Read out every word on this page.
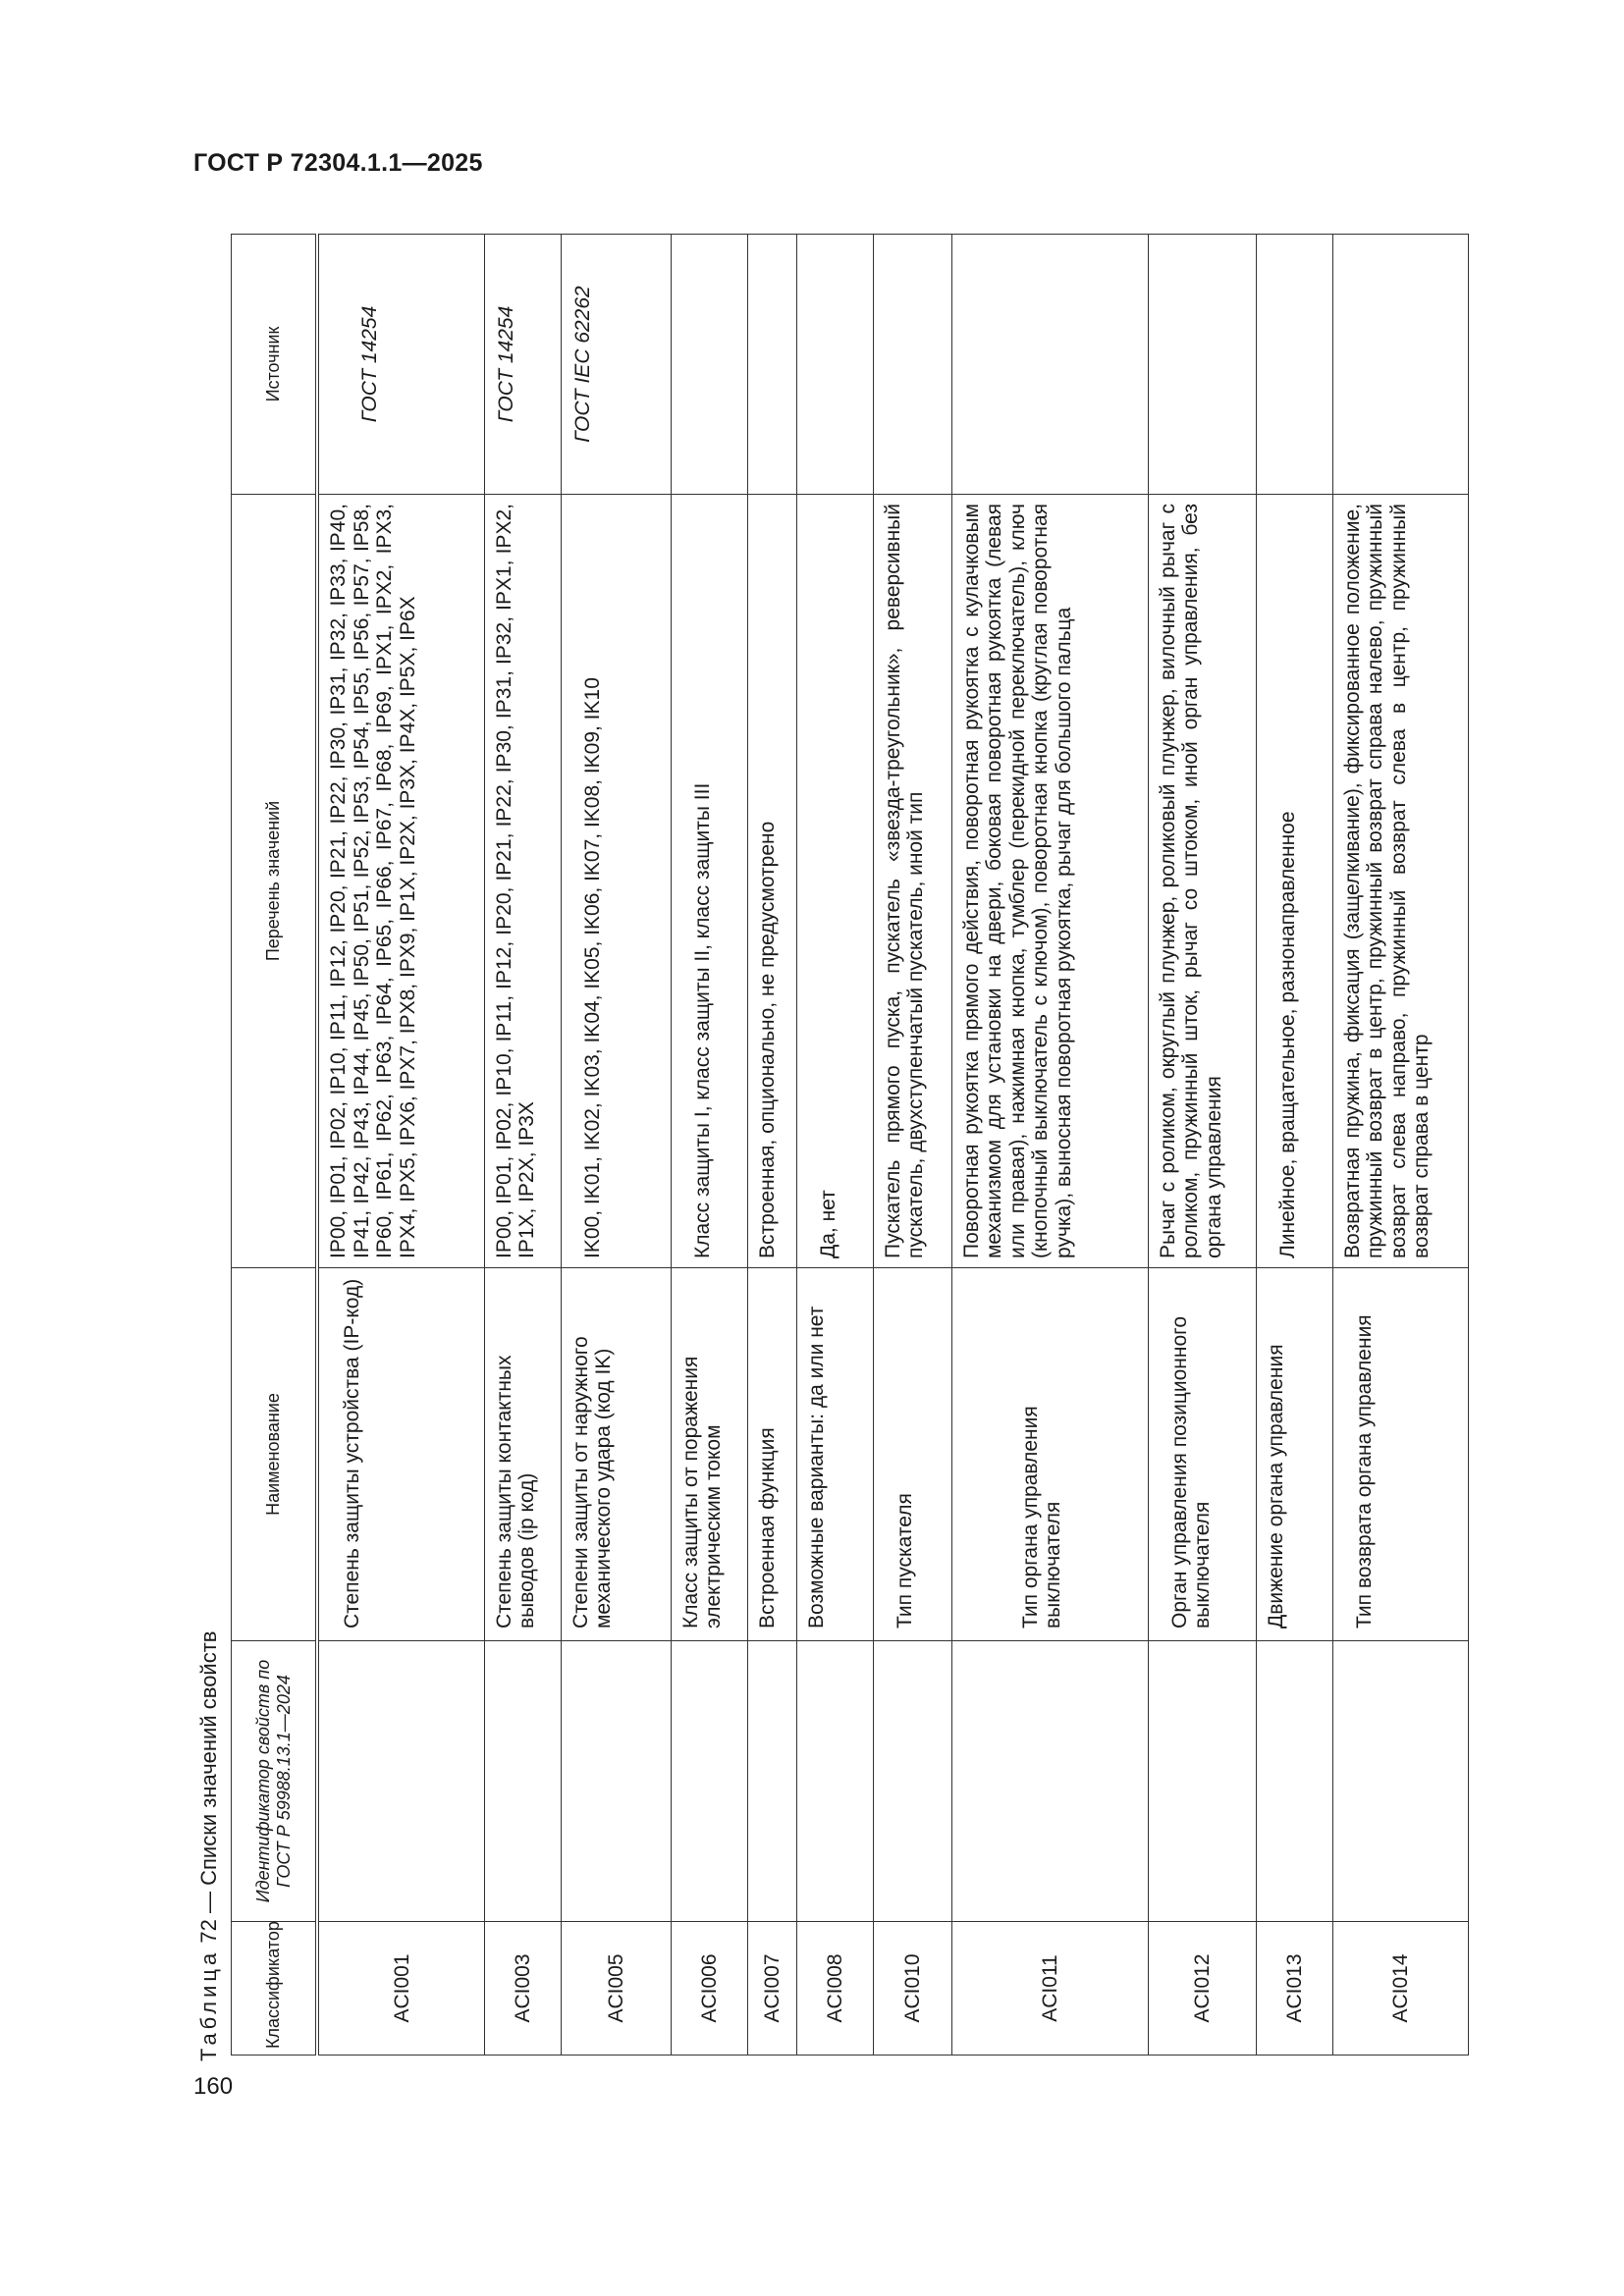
ГОСТ Р 72304.1.1—2025
160
Таблица 72 — Списки значений свойств
Классификатор	Идентификатор свойств по ГОСТ Р 59988.13.1—2024	Наименование	Перечень значений	Источник
ACI001		Степень защиты устройства (IP-код)	IP00, IP01, IP02, IP10, IP11, IP12, IP20, IP21, IP22, IP30, IP31, IP32, IP33, IP40, IP41, IP42, IP43, IP44, IP45, IP50, IP51, IP52, IP53, IP54, IP55, IP56, IP57, IP58, IP60, IP61, IP62, IP63, IP64, IP65, IP66, IP67, IP68, IP69, IPX1, IPX2, IPX3, IPX4, IPX5, IPX6, IPX7, IPX8, IPX9, IP1X, IP2X, IP3X, IP4X, IP5X, IP6X	ГОСТ 14254
ACI003		Степень защиты контактных выводов (ip код)	IP00, IP01, IP02, IP10, IP11, IP12, IP20, IP21, IP22, IP30, IP31, IP32, IPX1, IPX2, IP1X, IP2X, IP3X	ГОСТ 14254
ACI005		Степени защиты от наружного механического удара (код IK)	IK00, IK01, IK02, IK03, IK04, IK05, IK06, IK07, IK08, IK09, IK10	ГОСТ IEC 62262
ACI006		Класс защиты от поражения электрическим током	Класс защиты I, класс защиты II, класс защиты III	
ACI007		Встроенная функция	Встроенная, опционально, не предусмотрено	
ACI008		Возможные варианты: да или нет	Да, нет	
ACI010		Тип пускателя	Пускатель прямого пуска, пускатель «звезда-треугольник», реверсивный пускатель, двухступенчатый пускатель, иной тип	
ACI011		Тип органа управления выключателя	Поворотная рукоятка прямого действия, поворотная рукоятка с кулачковым механизмом для установки на двери, боковая поворотная рукоятка (левая или правая), нажимная кнопка, тумблер (перекидной переключатель), ключ (кнопочный выключатель с ключом), поворотная кнопка (круглая поворотная ручка), выносная поворотная рукоятка, рычаг для большого пальца	
ACI012		Орган управления позиционного выключателя	Рычаг с роликом, округлый плунжер, роликовый плунжер, вилочный рычаг с роликом, пружинный шток, рычаг со штоком, иной орган управления, без органа управления	
ACI013		Движение органа управления	Линейное, вращательное, разнонаправленное	
ACI014		Тип возврата органа управления	Возвратная пружина, фиксация (защелкивание), фиксированное положение, пружинный возврат в центр, пружинный возврат справа налево, пружинный возврат слева направо, пружинный возврат слева в центр, пружинный возврат справа в центр	
